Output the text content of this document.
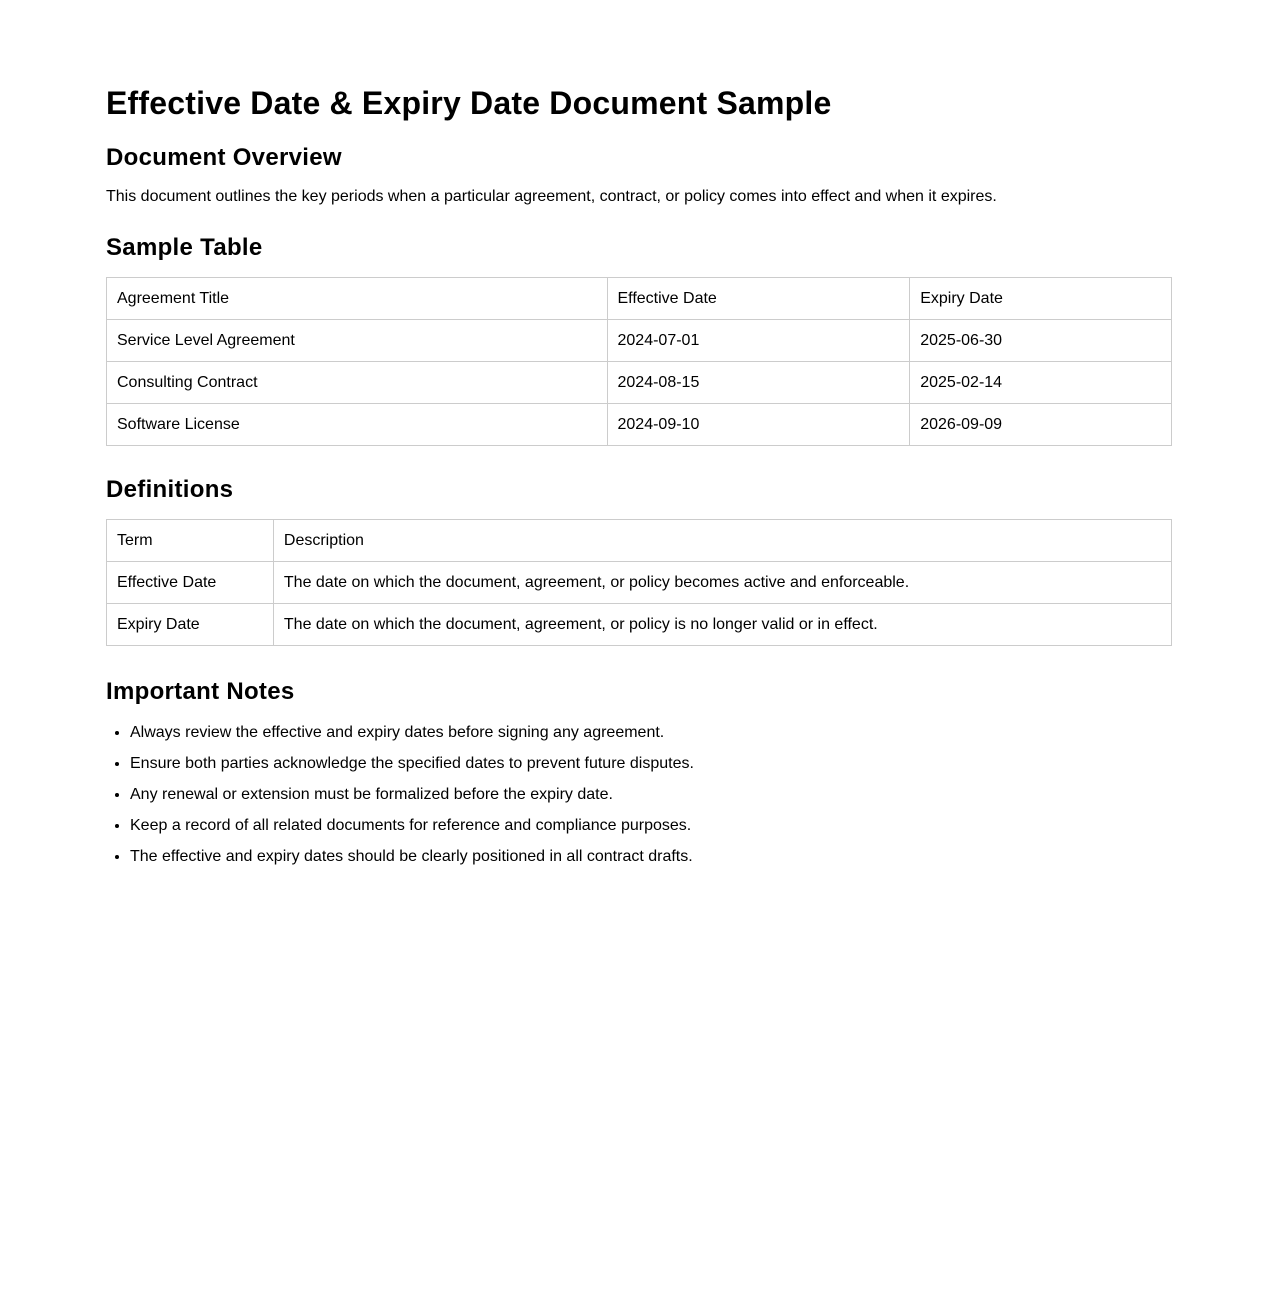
Effective Date & Expiry Date Document Sample
Document Overview

This document outlines the key periods when a particular agreement, contract, or policy comes into effect and when it expires.

Sample Table
Agreement Title	Effective Date	Expiry Date
Service Level Agreement	2024-07-01	2025-06-30
Consulting Contract	2024-08-15	2025-02-14
Software License	2024-09-10	2026-09-09
Definitions
Term	Description
Effective Date	The date on which the document, agreement, or policy becomes active and enforceable.
Expiry Date	The date on which the document, agreement, or policy is no longer valid or in effect.
Important Notes
• Always review the effective and expiry dates before signing any agreement.
• Ensure both parties acknowledge the specified dates to prevent future disputes.
• Any renewal or extension must be formalized before the expiry date.
• Keep a record of all related documents for reference and compliance purposes.
• The effective and expiry dates should be clearly positioned in all contract drafts.
